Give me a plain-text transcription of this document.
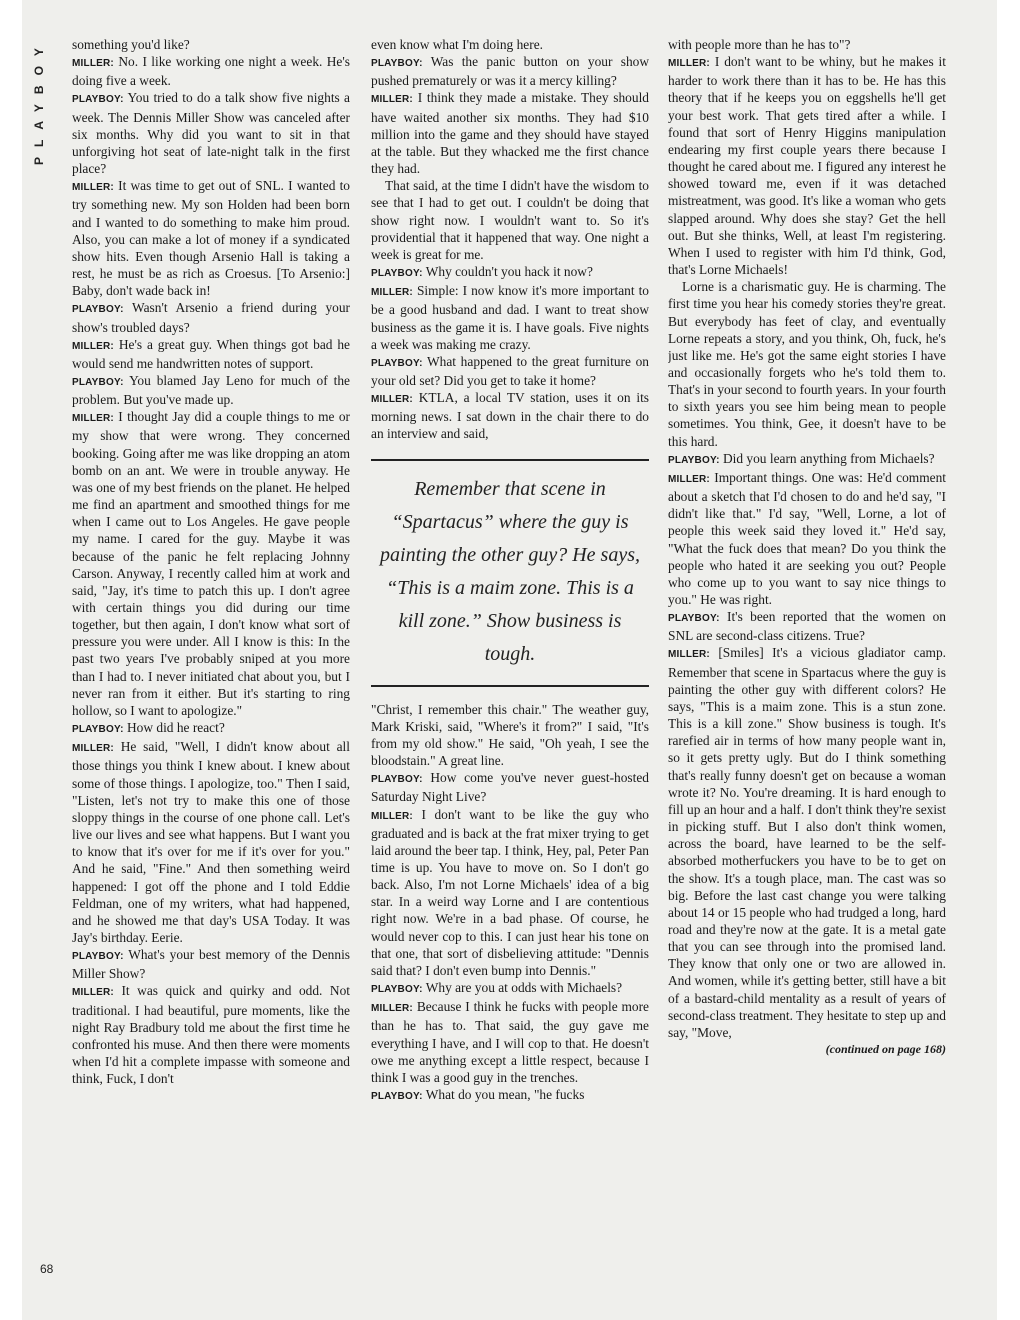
PLAYBOY
68

something you'd like?

MILLER: No. I like working one night a week. He's doing five a week.

PLAYBOY: You tried to do a talk show five nights a week. The Dennis Miller Show was canceled after six months. Why did you want to sit in that unforgiving hot seat of late-night talk in the first place?

MILLER: It was time to get out of SNL. I wanted to try something new. My son Holden had been born and I wanted to do something to make him proud. Also, you can make a lot of money if a syndicated show hits. Even though Arsenio Hall is taking a rest, he must be as rich as Croesus. [To Arsenio:] Baby, don't wade back in!

PLAYBOY: Wasn't Arsenio a friend during your show's troubled days?

MILLER: He's a great guy. When things got bad he would send me handwritten notes of support.

PLAYBOY: You blamed Jay Leno for much of the problem. But you've made up.

MILLER: I thought Jay did a couple things to me or my show that were wrong. They concerned booking. Going after me was like dropping an atom bomb on an ant. We were in trouble anyway. He was one of my best friends on the planet. He helped me find an apartment and smoothed things for me when I came out to Los Angeles. He gave people my name. I cared for the guy. Maybe it was because of the panic he felt replacing Johnny Carson. Anyway, I recently called him at work and said, "Jay, it's time to patch this up. I don't agree with certain things you did during our time together, but then again, I don't know what sort of pressure you were under. All I know is this: In the past two years I've probably sniped at you more than I had to. I never initiated chat about you, but I never ran from it either. But it's starting to ring hollow, so I want to apologize."

PLAYBOY: How did he react?

MILLER: He said, "Well, I didn't know about all those things you think I knew about. I knew about some of those things. I apologize, too." Then I said, "Listen, let's not try to make this one of those sloppy things in the course of one phone call. Let's live our lives and see what happens. But I want you to know that it's over for me if it's over for you." And he said, "Fine." And then something weird happened: I got off the phone and I told Eddie Feldman, one of my writers, what had happened, and he showed me that day's USA Today. It was Jay's birthday. Eerie.

PLAYBOY: What's your best memory of the Dennis Miller Show?

MILLER: It was quick and quirky and odd. Not traditional. I had beautiful, pure moments, like the night Ray Bradbury told me about the first time he confronted his muse. And then there were moments when I'd hit a complete impasse with someone and think, Fuck, I don't

even know what I'm doing here.

PLAYBOY: Was the panic button on your show pushed prematurely or was it a mercy killing?

MILLER: I think they made a mistake. They should have waited another six months. They had $10 million into the game and they should have stayed at the table. But they whacked me the first chance they had.

That said, at the time I didn't have the wisdom to see that I had to get out. I couldn't be doing that show right now. I wouldn't want to. So it's providential that it happened that way. One night a week is great for me.

PLAYBOY: Why couldn't you hack it now?

MILLER: Simple: I now know it's more important to be a good husband and dad. I want to treat show business as the game it is. I have goals. Five nights a week was making me crazy.

PLAYBOY: What happened to the great furniture on your old set? Did you get to take it home?

MILLER: KTLA, a local TV station, uses it on its morning news. I sat down in the chair there to do an interview and said,

Remember that scene in “Spartacus” where the guy is painting the other guy? He says, “This is a maim zone. This is a kill zone.” Show business is tough.

"Christ, I remember this chair." The weather guy, Mark Kriski, said, "Where's it from?" I said, "It's from my old show." He said, "Oh yeah, I see the bloodstain." A great line.

PLAYBOY: How come you've never guest-hosted Saturday Night Live?

MILLER: I don't want to be like the guy who graduated and is back at the frat mixer trying to get laid around the beer tap. I think, Hey, pal, Peter Pan time is up. You have to move on. So I don't go back. Also, I'm not Lorne Michaels' idea of a big star. In a weird way Lorne and I are contentious right now. We're in a bad phase. Of course, he would never cop to this. I can just hear his tone on that one, that sort of disbelieving attitude: "Dennis said that? I don't even bump into Dennis."

PLAYBOY: Why are you at odds with Michaels?

MILLER: Because I think he fucks with people more than he has to. That said, the guy gave me everything I have, and I will cop to that. He doesn't owe me anything except a little respect, because I think I was a good guy in the trenches.

PLAYBOY: What do you mean, "he fucks

with people more than he has to"?

MILLER: I don't want to be whiny, but he makes it harder to work there than it has to be. He has this theory that if he keeps you on eggshells he'll get your best work. That gets tired after a while. I found that sort of Henry Higgins manipulation endearing my first couple years there because I thought he cared about me. I figured any interest he showed toward me, even if it was detached mistreatment, was good. It's like a woman who gets slapped around. Why does she stay? Get the hell out. But she thinks, Well, at least I'm registering. When I used to register with him I'd think, God, that's Lorne Michaels!

Lorne is a charismatic guy. He is charming. The first time you hear his comedy stories they're great. But everybody has feet of clay, and eventually Lorne repeats a story, and you think, Oh, fuck, he's just like me. He's got the same eight stories I have and occasionally forgets who he's told them to. That's in your second to fourth years. In your fourth to sixth years you see him being mean to people sometimes. You think, Gee, it doesn't have to be this hard.

PLAYBOY: Did you learn anything from Michaels?

MILLER: Important things. One was: He'd comment about a sketch that I'd chosen to do and he'd say, "I didn't like that." I'd say, "Well, Lorne, a lot of people this week said they loved it." He'd say, "What the fuck does that mean? Do you think the people who hated it are seeking you out? People who come up to you want to say nice things to you." He was right.

PLAYBOY: It's been reported that the women on SNL are second-class citizens. True?

MILLER: [Smiles] It's a vicious gladiator camp. Remember that scene in Spartacus where the guy is painting the other guy with different colors? He says, "This is a maim zone. This is a stun zone. This is a kill zone." Show business is tough. It's rarefied air in terms of how many people want in, so it gets pretty ugly. But do I think something that's really funny doesn't get on because a woman wrote it? No. You're dreaming. It is hard enough to fill up an hour and a half. I don't think they're sexist in picking stuff. But I also don't think women, across the board, have learned to be the self-absorbed motherfuckers you have to be to get on the show. It's a tough place, man. The cast was so big. Before the last cast change you were talking about 14 or 15 people who had trudged a long, hard road and they're now at the gate. It is a metal gate that you can see through into the promised land. They know that only one or two are allowed in. And women, while it's getting better, still have a bit of a bastard-child mentality as a result of years of second-class treatment. They hesitate to step up and say, "Move,

(continued on page 168)
